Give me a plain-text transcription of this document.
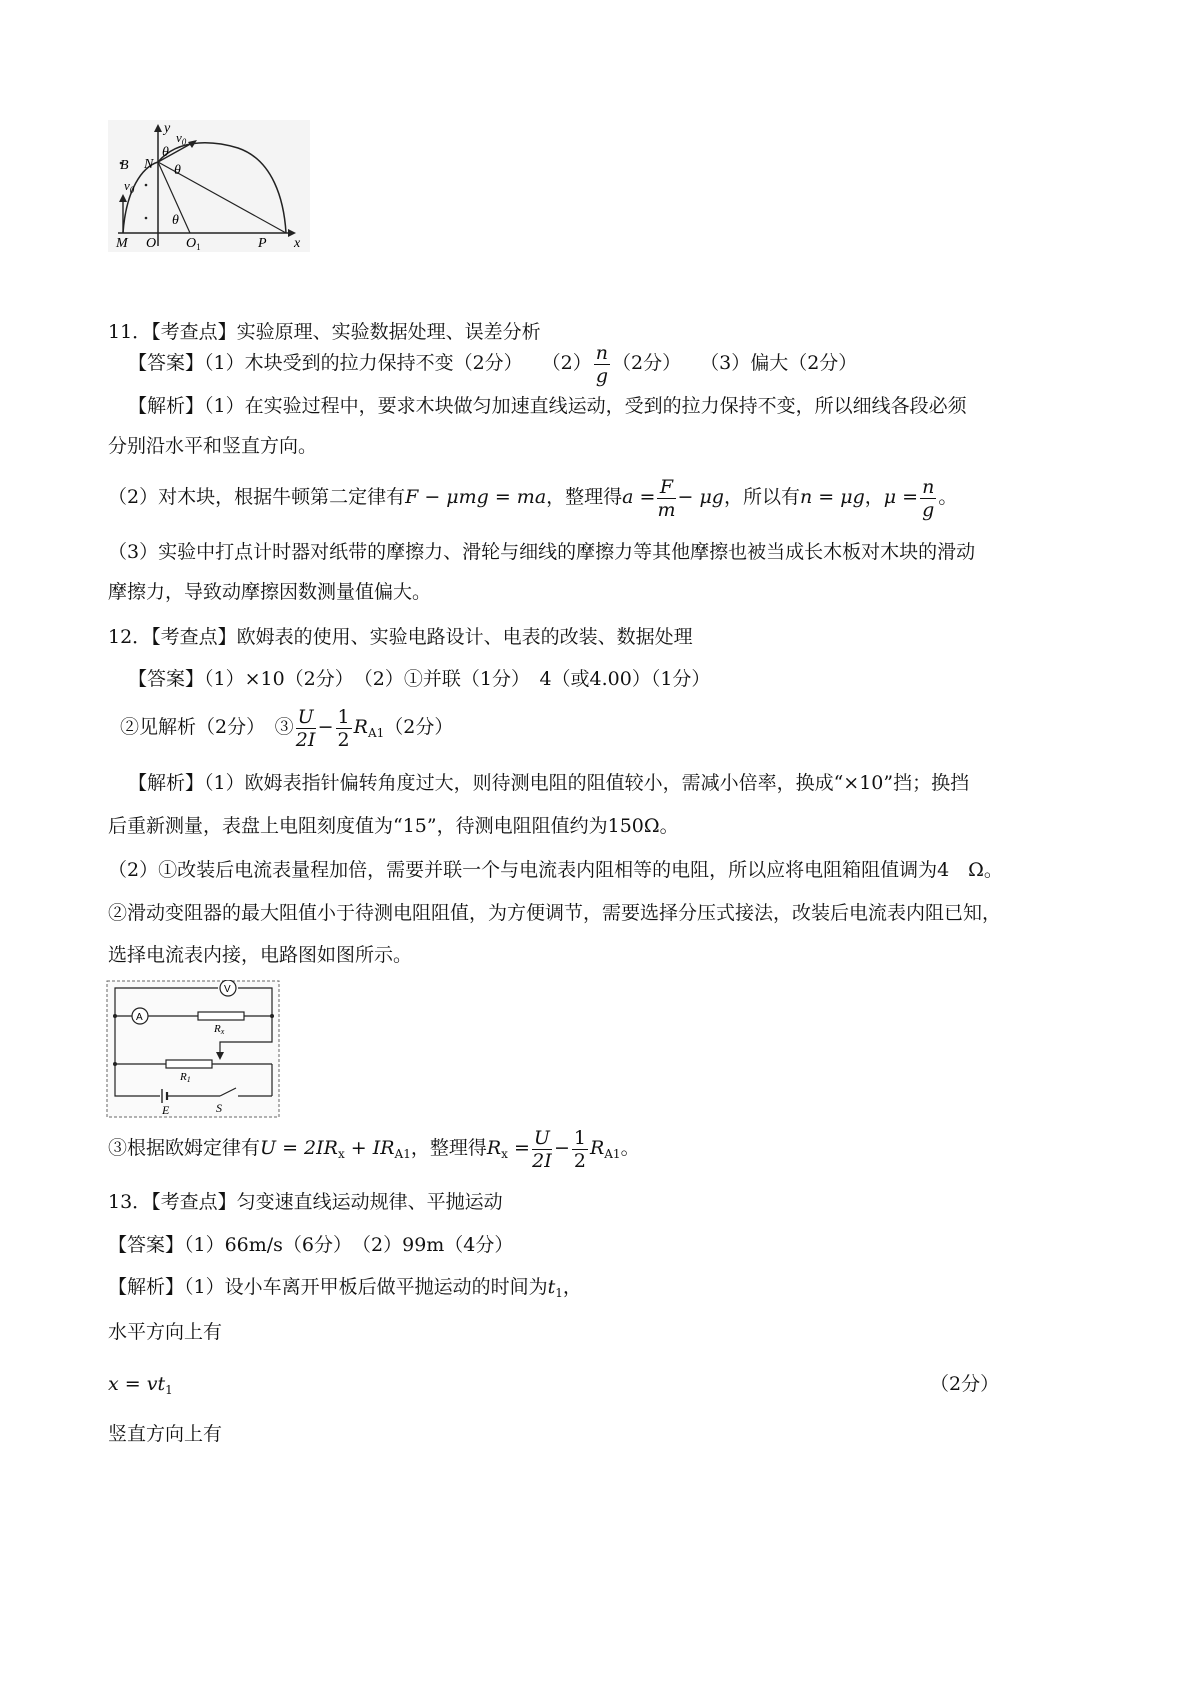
y
x
$v_0$
$v_0$
θ
θ
θ
B N
M O $O_1$	P
11．【考查点】实验原理、实验数据处理、误差分析
【答案】（1）木块受到的拉力保持不变（2分）　　$(2) \frac{n}{g} (2$分）　　（3）偏大（2分）
【解析】（1）在实验过程中，要求木块做匀加速直线运动，受到的拉力保持不变，所以细线各段必须
分别沿水平和竖直方向。
（2）对木块，根据牛顿第二定律有F − μmg = ma，整理得$a = \frac{F}{m} - \mu g$，所以有n = μg，$\mu = \frac{n}{g}$ 。
（3）实验中打点计时器对纸带的摩擦力、滑轮与细线的摩擦力等其他摩擦也被当成长木板对木块的滑动
摩擦力，导致动摩擦因数测量值偏大。
12．【考查点】欧姆表的使用、实验电路设计、电表的改装、数据处理
【答案】（1）×10（2分）　（2）①并联（1分）　4（或4.00）（1分）
②见解析（2分）　③ $\frac{U}{2I} - \frac{1}{2} R_{A1}(2$分）
【解析】（1）欧姆表指针偏转角度过大，则待测电阻的阻值较小，需减小倍率，换成“×10”挡；换挡
后重新测量，表盘上电阻刻度值为“15”，待测电阻阻值约为150Ω。
（2）①改装后电流表量程加倍，需要并联一个与电流表内阻相等的电阻，所以应将电阻箱阻值调为4　Ω。
②滑动变阻器的最大阻值小于待测电阻阻值，为方便调节，需要选择分压式接法，改装后电流表内阻已知，
选择电流表内接，电路图如图所示。
V
A
Rx
R1
E	S
③根据欧姆定律有$U = 2IR_x + IR_{A1}$，整理得$R_x = \frac{U}{2I} - \frac{1}{2} R_{A1}$。
13．【考查点】匀变速直线运动规律、平抛运动
【答案】（1）66m/s（6分）　（2）99m（4分）
【解析】（1）设小车离开甲板后做平抛运动的时间为$t_1$，
水平方向上有
$x = vt_1$	（2分）
竖直方向上有
